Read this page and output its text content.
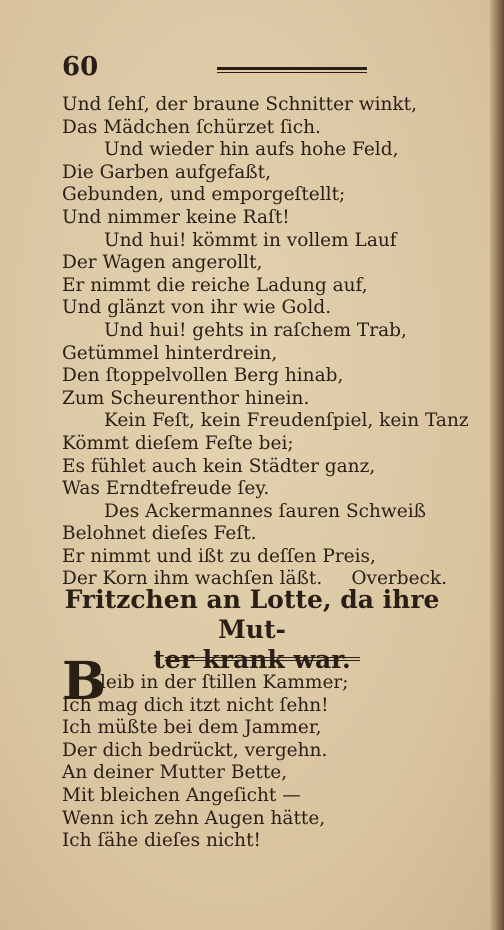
60
Und ſehſ, der braune Schnitter winkt,
Das Mädchen ſchürzet ſich.
Und wieder hin aufs hohe Feld,
Die Garben aufgefaßt,
Gebunden, und emporgeſtellt;
Und nimmer keine Raſt!
Und hui! kömmt in vollem Lauf
Der Wagen angerollt,
Er nimmt die reiche Ladung auf,
Und glänzt von ihr wie Gold.
Und hui! gehts in raſchem Trab,
Getümmel hinterdrein,
Den ſtoppelvollen Berg hinab,
Zum Scheurenthor hinein.
Kein Feſt, kein Freudenſpiel, kein Tanz
Kömmt dieſem Feſte bei;
Es fühlet auch kein Städter ganz,
Was Erndtefreude ſey.
Des Ackermannes ſauren Schweiß
Belohnet dieſes Feſt.
Er nimmt und ißt zu deſſen Preis,
Der Korn ihm wachſen läßt. Overbeck.
Fritzchen an Lotte, da ihre Mut-
ter krank war.
B
leib in der ſtillen Kammer;
Ich mag dich itzt nicht ſehn!
Ich müßte bei dem Jammer,
Der dich bedrückt, vergehn.
An deiner Mutter Bette,
Mit bleichen Angeſicht —
Wenn ich zehn Augen hätte,
Ich ſähe dieſes nicht!
